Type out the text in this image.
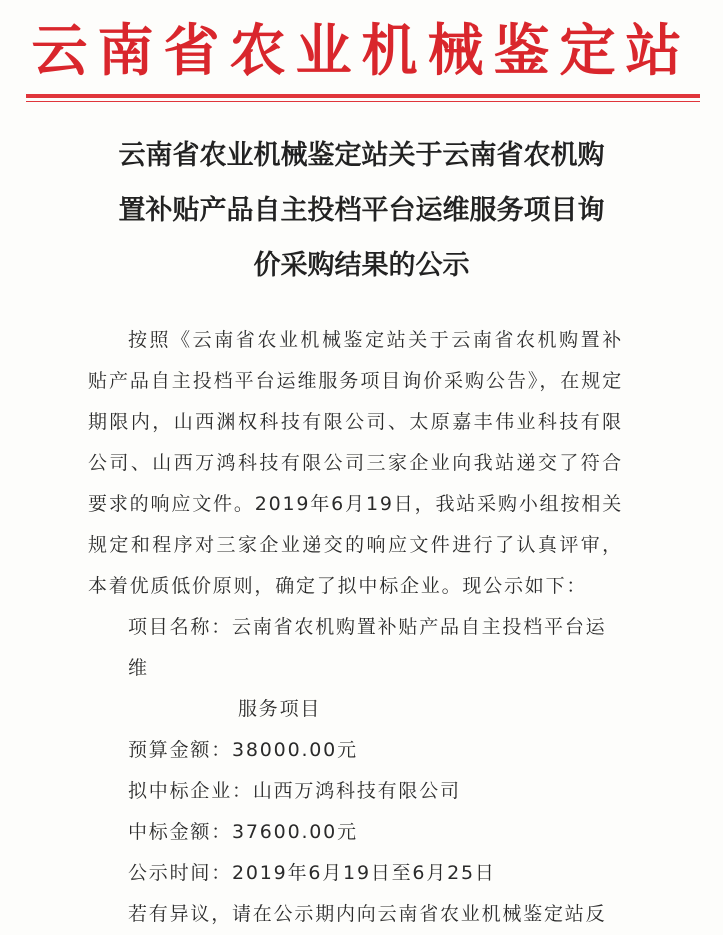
云南省农业机械鉴定站
云南省农业机械鉴定站关于云南省农机购
置补贴产品自主投档平台运维服务项目询
价采购结果的公示

按照《云南省农业机械鉴定站关于云南省农机购置补贴产品自主投档平台运维服务项目询价采购公告》，在规定期限内，山西渊权科技有限公司、太原嘉丰伟业科技有限公司、山西万鸿科技有限公司三家企业向我站递交了符合要求的响应文件。2019年6月19日，我站采购小组按相关规定和程序对三家企业递交的响应文件进行了认真评审，本着优质低价原则，确定了拟中标企业。现公示如下：

项目名称：云南省农机购置补贴产品自主投档平台运维
服务项目

预算金额：38000.00元

拟中标企业：山西万鸿科技有限公司

中标金额：37600.00元

公示时间：2019年6月19日至6月25日

若有异议，请在公示期内向云南省农业机械鉴定站反
